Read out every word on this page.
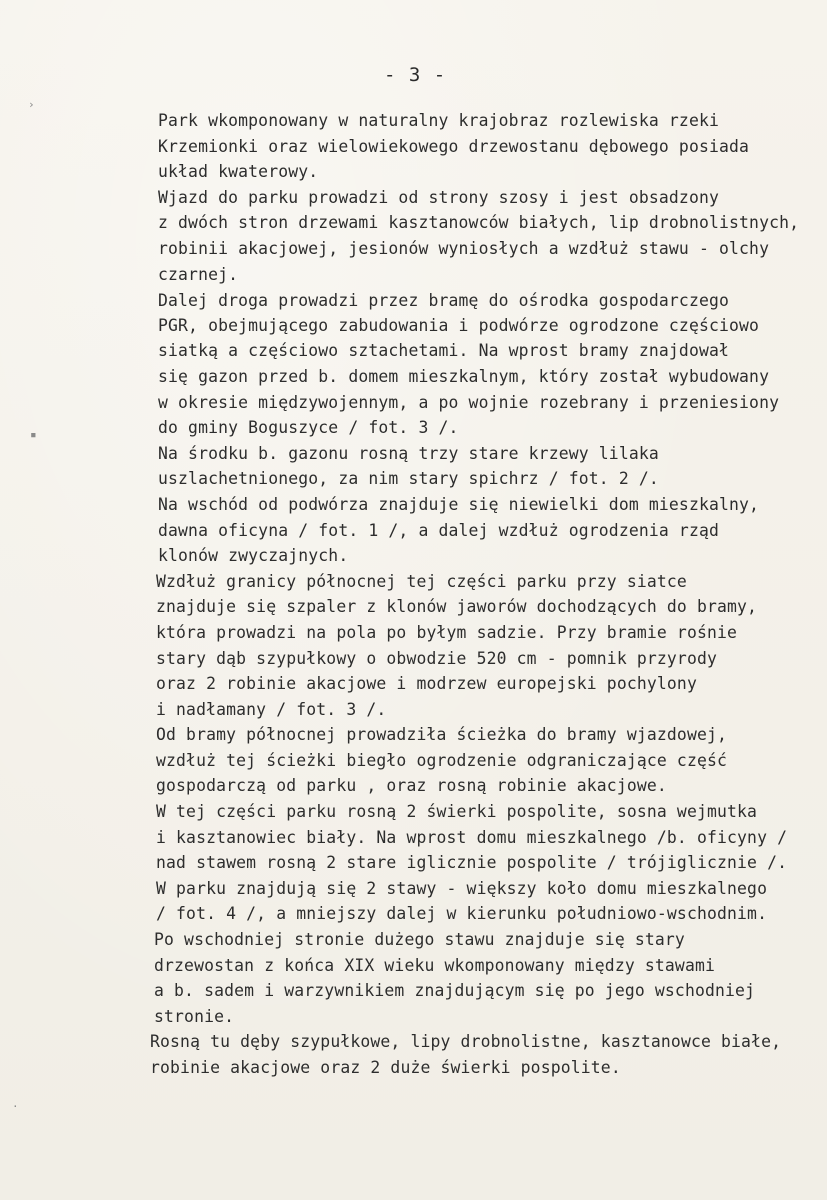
›
▪
·
- 3 -
Park wkomponowany w naturalny krajobraz rozlewiska rzeki
Krzemionki oraz wielowiekowego drzewostanu dębowego posiada
układ kwaterowy.
Wjazd do parku prowadzi od strony szosy i jest obsadzony
z dwóch stron drzewami kasztanowców białych, lip drobnolistnych,
robinii akacjowej, jesionów wyniosłych a wzdłuż stawu - olchy
czarnej.
Dalej droga prowadzi przez bramę do ośrodka gospodarczego
PGR, obejmującego zabudowania i podwórze ogrodzone częściowo
siatką a częściowo sztachetami. Na wprost bramy znajdował
się gazon przed b. domem mieszkalnym, który został wybudowany
w okresie międzywojennym, a po wojnie rozebrany i przeniesiony
do gminy Boguszyce / fot. 3 /.
Na środku b. gazonu rosną trzy stare krzewy lilaka
uszlachetnionego, za nim stary spichrz / fot. 2 /.
Na wschód od podwórza znajduje się niewielki dom mieszkalny,
dawna oficyna / fot. 1 /, a dalej wzdłuż ogrodzenia rząd
klonów zwyczajnych.
Wzdłuż granicy północnej tej części parku przy siatce
znajduje się szpaler z klonów jaworów dochodzących do bramy,
która prowadzi na pola po byłym sadzie. Przy bramie rośnie
stary dąb szypułkowy o obwodzie 520 cm - pomnik przyrody
oraz 2 robinie akacjowe i modrzew europejski pochylony
i nadłamany / fot. 3 /.
Od bramy północnej prowadziła ścieżka do bramy wjazdowej,
wzdłuż tej ścieżki biegło ogrodzenie odgraniczające część
gospodarczą od parku , oraz rosną robinie akacjowe.
W tej części parku rosną 2 świerki pospolite, sosna wejmutka
i kasztanowiec biały. Na wprost domu mieszkalnego /b. oficyny /
nad stawem rosną 2 stare iglicznie pospolite / trójiglicznie /.
W parku znajdują się 2 stawy - większy koło domu mieszkalnego
/ fot. 4 /, a mniejszy dalej w kierunku południowo-wschodnim.
Po wschodniej stronie dużego stawu znajduje się stary
drzewostan z końca XIX wieku wkomponowany między stawami
a b. sadem i warzywnikiem znajdującym się po jego wschodniej
stronie.
Rosną tu dęby szypułkowe, lipy drobnolistne, kasztanowce białe,
robinie akacjowe oraz 2 duże świerki pospolite.
